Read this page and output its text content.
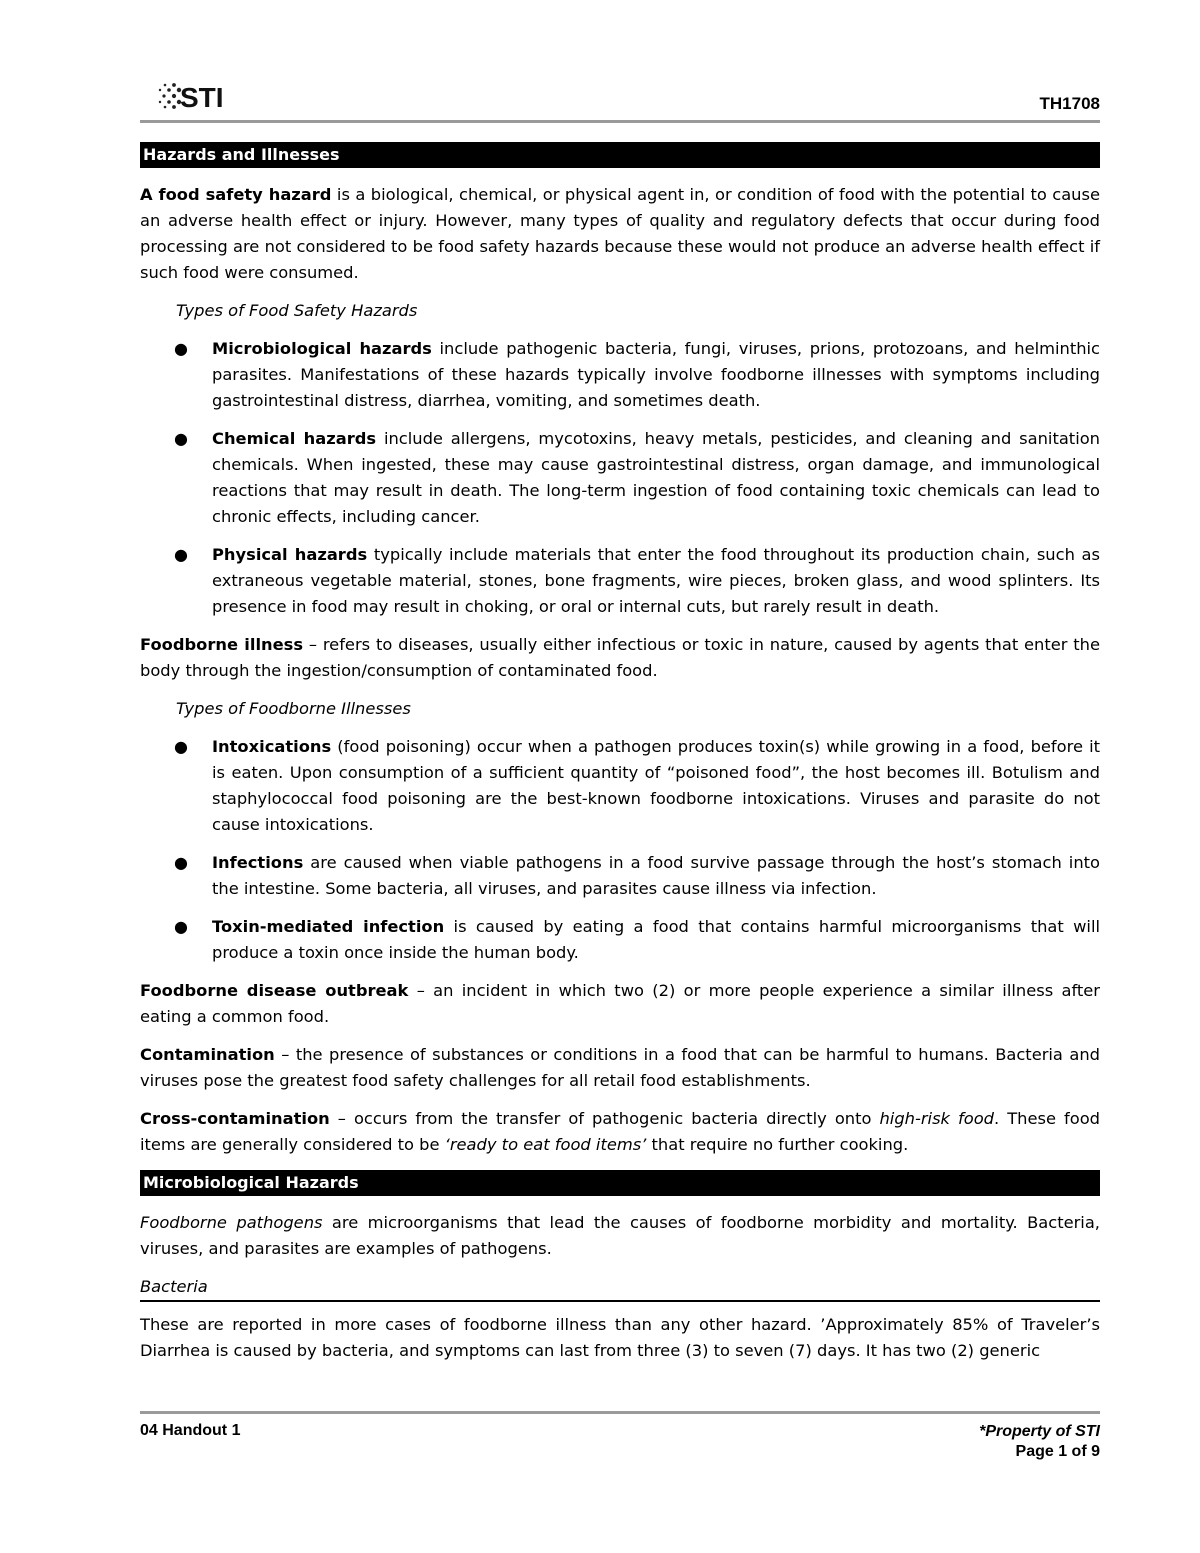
STI	TH1708
Hazards and Illnesses

A food safety hazard is a biological, chemical, or physical agent in, or condition of food with the potential to cause an adverse health effect or injury. However, many types of quality and regulatory defects that occur during food processing are not considered to be food safety hazards because these would not produce an adverse health effect if such food were consumed.

Types of Food Safety Hazards
● Microbiological hazards include pathogenic bacteria, fungi, viruses, prions, protozoans, and helminthic parasites. Manifestations of these hazards typically involve foodborne illnesses with symptoms including gastrointestinal distress, diarrhea, vomiting, and sometimes death.
● Chemical hazards include allergens, mycotoxins, heavy metals, pesticides, and cleaning and sanitation chemicals. When ingested, these may cause gastrointestinal distress, organ damage, and immunological reactions that may result in death. The long-term ingestion of food containing toxic chemicals can lead to chronic effects, including cancer.
● Physical hazards typically include materials that enter the food throughout its production chain, such as extraneous vegetable material, stones, bone fragments, wire pieces, broken glass, and wood splinters. Its presence in food may result in choking, or oral or internal cuts, but rarely result in death.

Foodborne illness – refers to diseases, usually either infectious or toxic in nature, caused by agents that enter the body through the ingestion/consumption of contaminated food.

Types of Foodborne Illnesses
● Intoxications (food poisoning) occur when a pathogen produces toxin(s) while growing in a food, before it is eaten. Upon consumption of a sufficient quantity of “poisoned food”, the host becomes ill. Botulism and staphylococcal food poisoning are the best-known foodborne intoxications. Viruses and parasite do not cause intoxications.
● Infections are caused when viable pathogens in a food survive passage through the host’s stomach into the intestine. Some bacteria, all viruses, and parasites cause illness via infection.
● Toxin-mediated infection is caused by eating a food that contains harmful microorganisms that will produce a toxin once inside the human body.

Foodborne disease outbreak – an incident in which two (2) or more people experience a similar illness after eating a common food.

Contamination – the presence of substances or conditions in a food that can be harmful to humans. Bacteria and viruses pose the greatest food safety challenges for all retail food establishments.

Cross-contamination – occurs from the transfer of pathogenic bacteria directly onto high-risk food. These food items are generally considered to be ‘ready to eat food items’ that require no further cooking.

Microbiological Hazards

Foodborne pathogens are microorganisms that lead the causes of foodborne morbidity and mortality. Bacteria, viruses, and parasites are examples of pathogens.

Bacteria

These are reported in more cases of foodborne illness than any other hazard. ’Approximately 85% of Traveler’s Diarrhea is caused by bacteria, and symptoms can last from three (3) to seven (7) days. It has two (2) generic

04 Handout 1	*Property of STI
Page 1 of 9
